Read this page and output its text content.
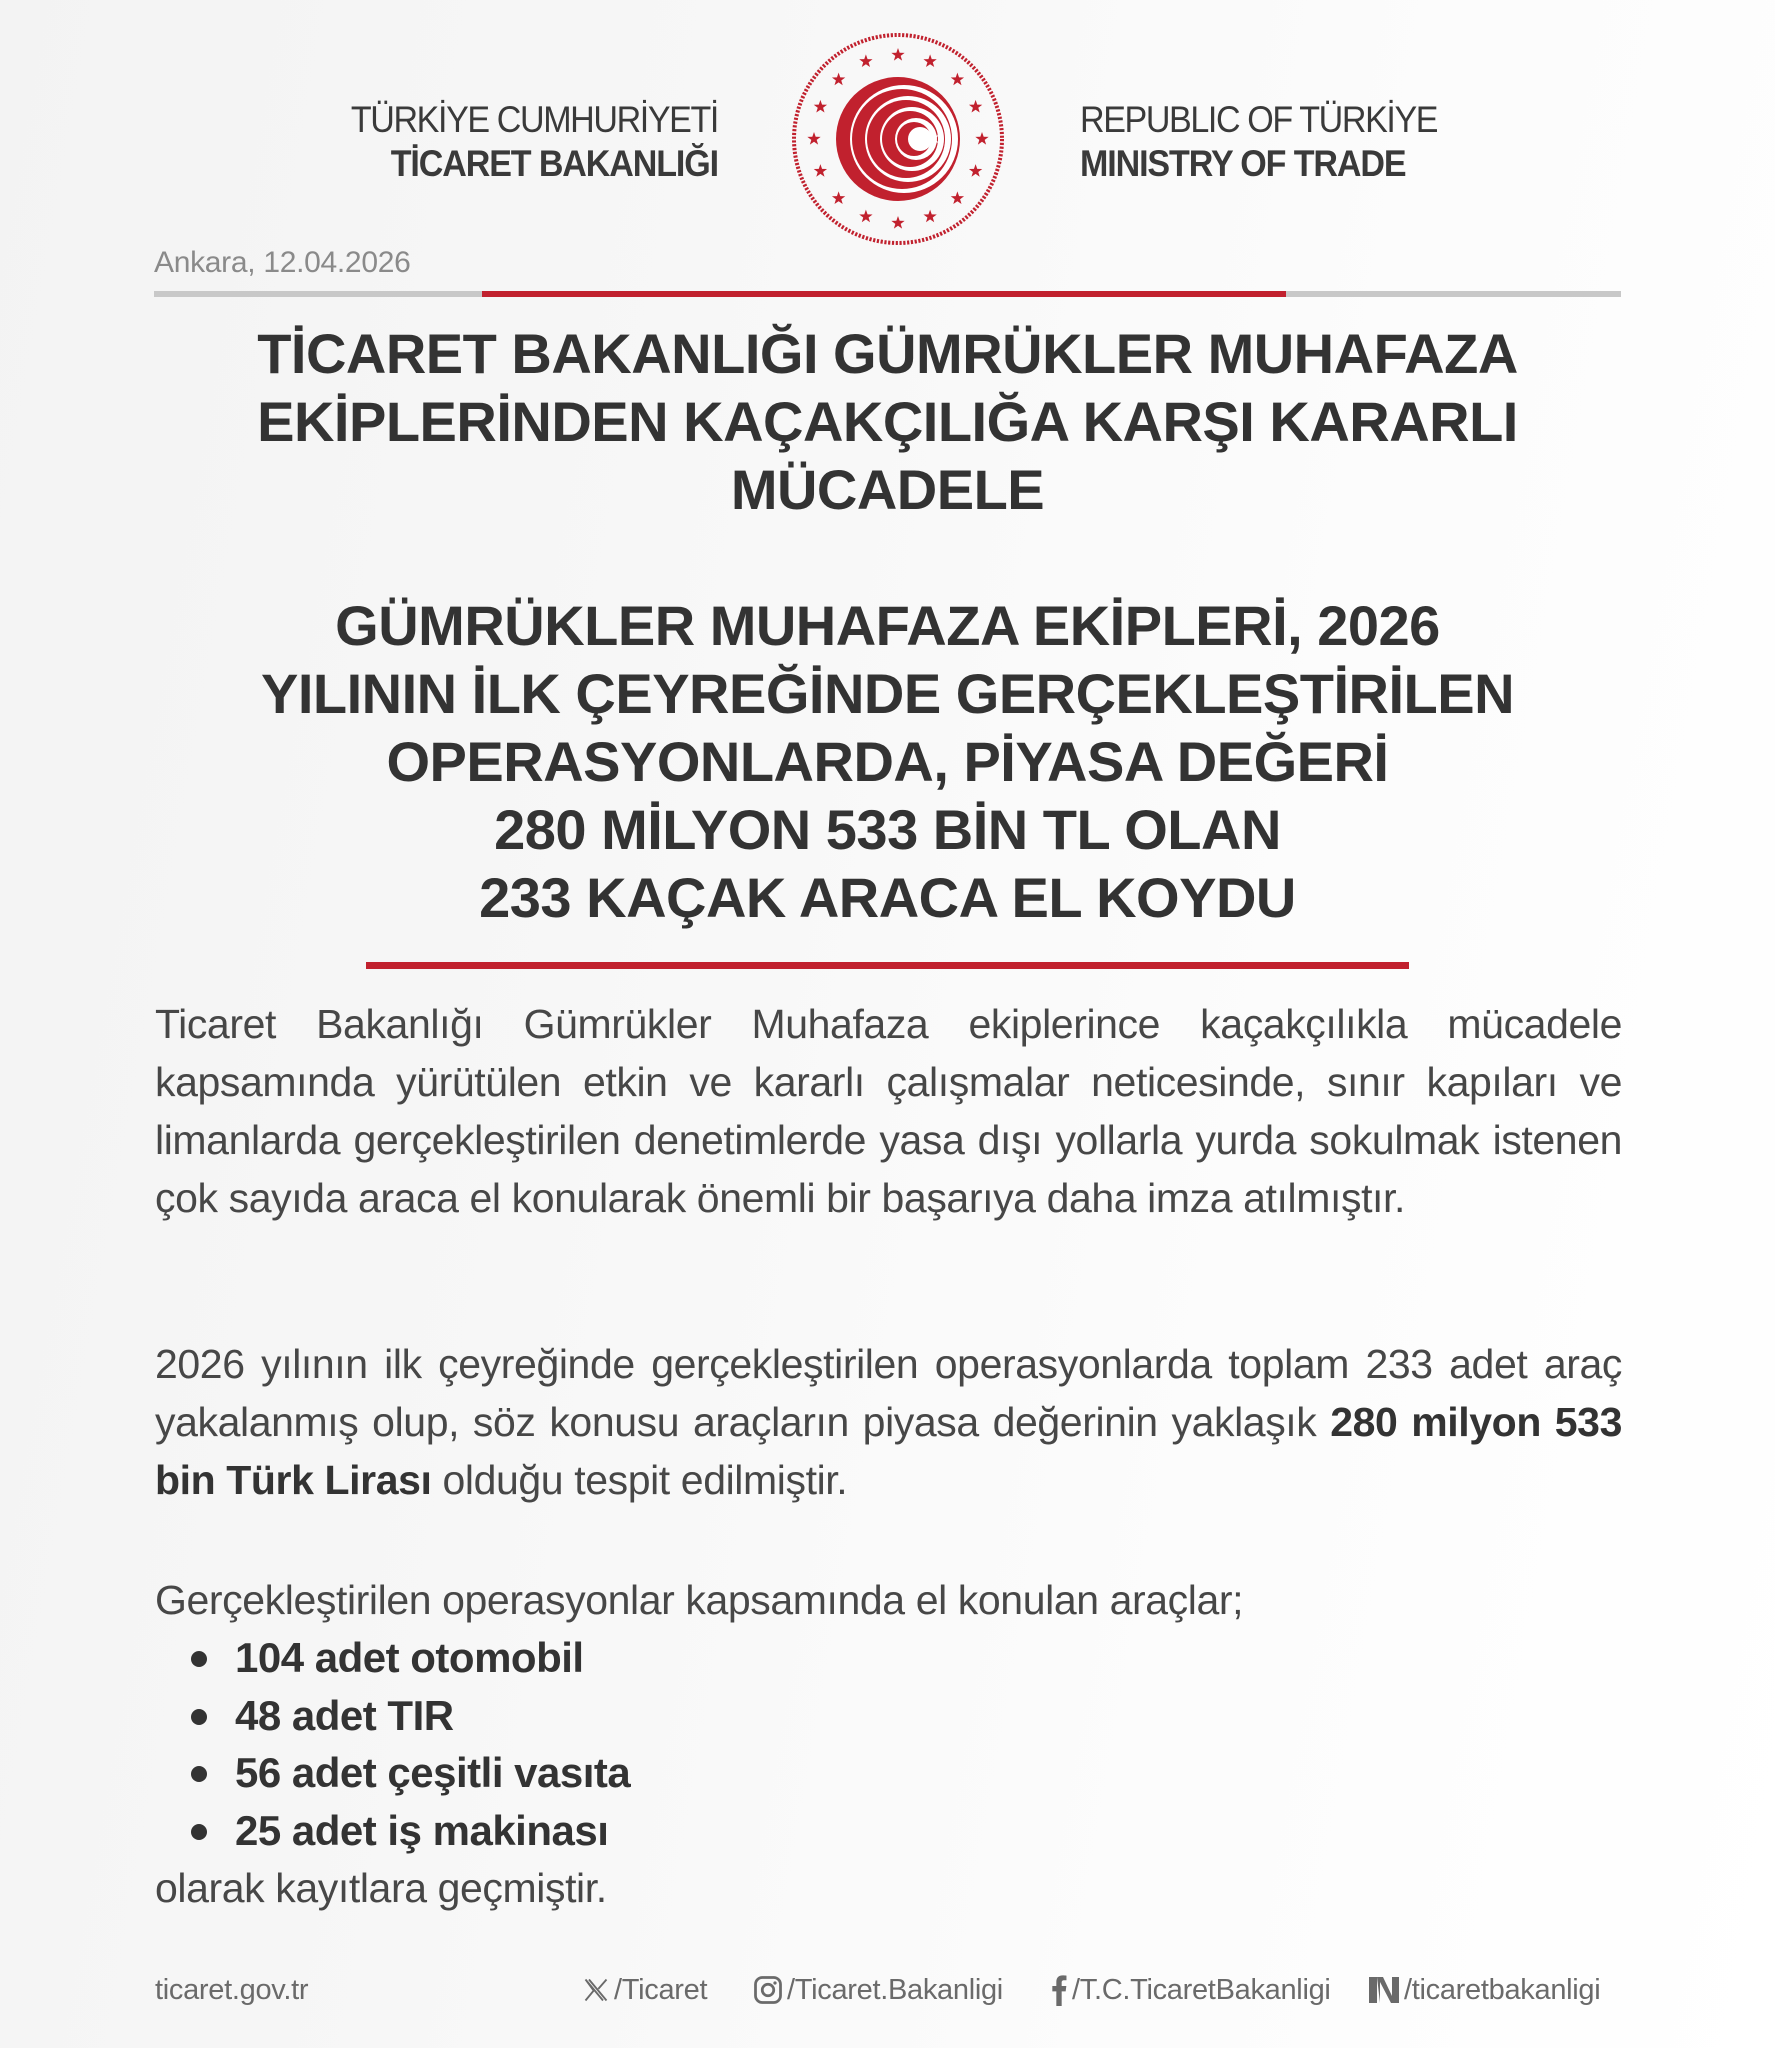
TÜRKİYE CUMHURİYETİ
TİCARET BAKANLIĞI
REPUBLIC OF TÜRKİYE
MINISTRY OF TRADE
Ankara, 12.04.2026
TİCARET BAKANLIĞI GÜMRÜKLER MUHAFAZA
EKİPLERİNDEN KAÇAKÇILIĞA KARŞI KARARLI
MÜCADELE
GÜMRÜKLER MUHAFAZA EKİPLERİ, 2026
YILININ İLK ÇEYREĞİNDE GERÇEKLEŞTİRİLEN
OPERASYONLARDA, PİYASA DEĞERİ
280 MİLYON 533 BİN TL OLAN
233 KAÇAK ARACA EL KOYDU

Ticaret Bakanlığı Gümrükler Muhafaza ekiplerince kaçakçılıkla mücadele kapsamında yürütülen etkin ve kararlı çalışmalar neticesinde, sınır kapıları ve limanlarda gerçekleştirilen denetimlerde yasa dışı yollarla yurda sokulmak istenen çok sayıda araca el konularak önemli bir başarıya daha imza atılmıştır.

2026 yılının ilk çeyreğinde gerçekleştirilen operasyonlarda toplam 233 adet araç yakalanmış olup, söz konusu araçların piyasa değerinin yaklaşık 280 milyon 533 bin Türk Lirası olduğu tespit edilmiştir.

Gerçekleştirilen operasyonlar kapsamında el konulan araçlar;

104 adet otomobil
48 adet TIR
56 adet çeşitli vasıta
25 adet iş makinası
olarak kayıtlara geçmiştir.
ticaret.gov.tr	/Ticaret	/Ticaret.Bakanligi /T.C.TicaretBakanligi	/ticaretbakanligi
